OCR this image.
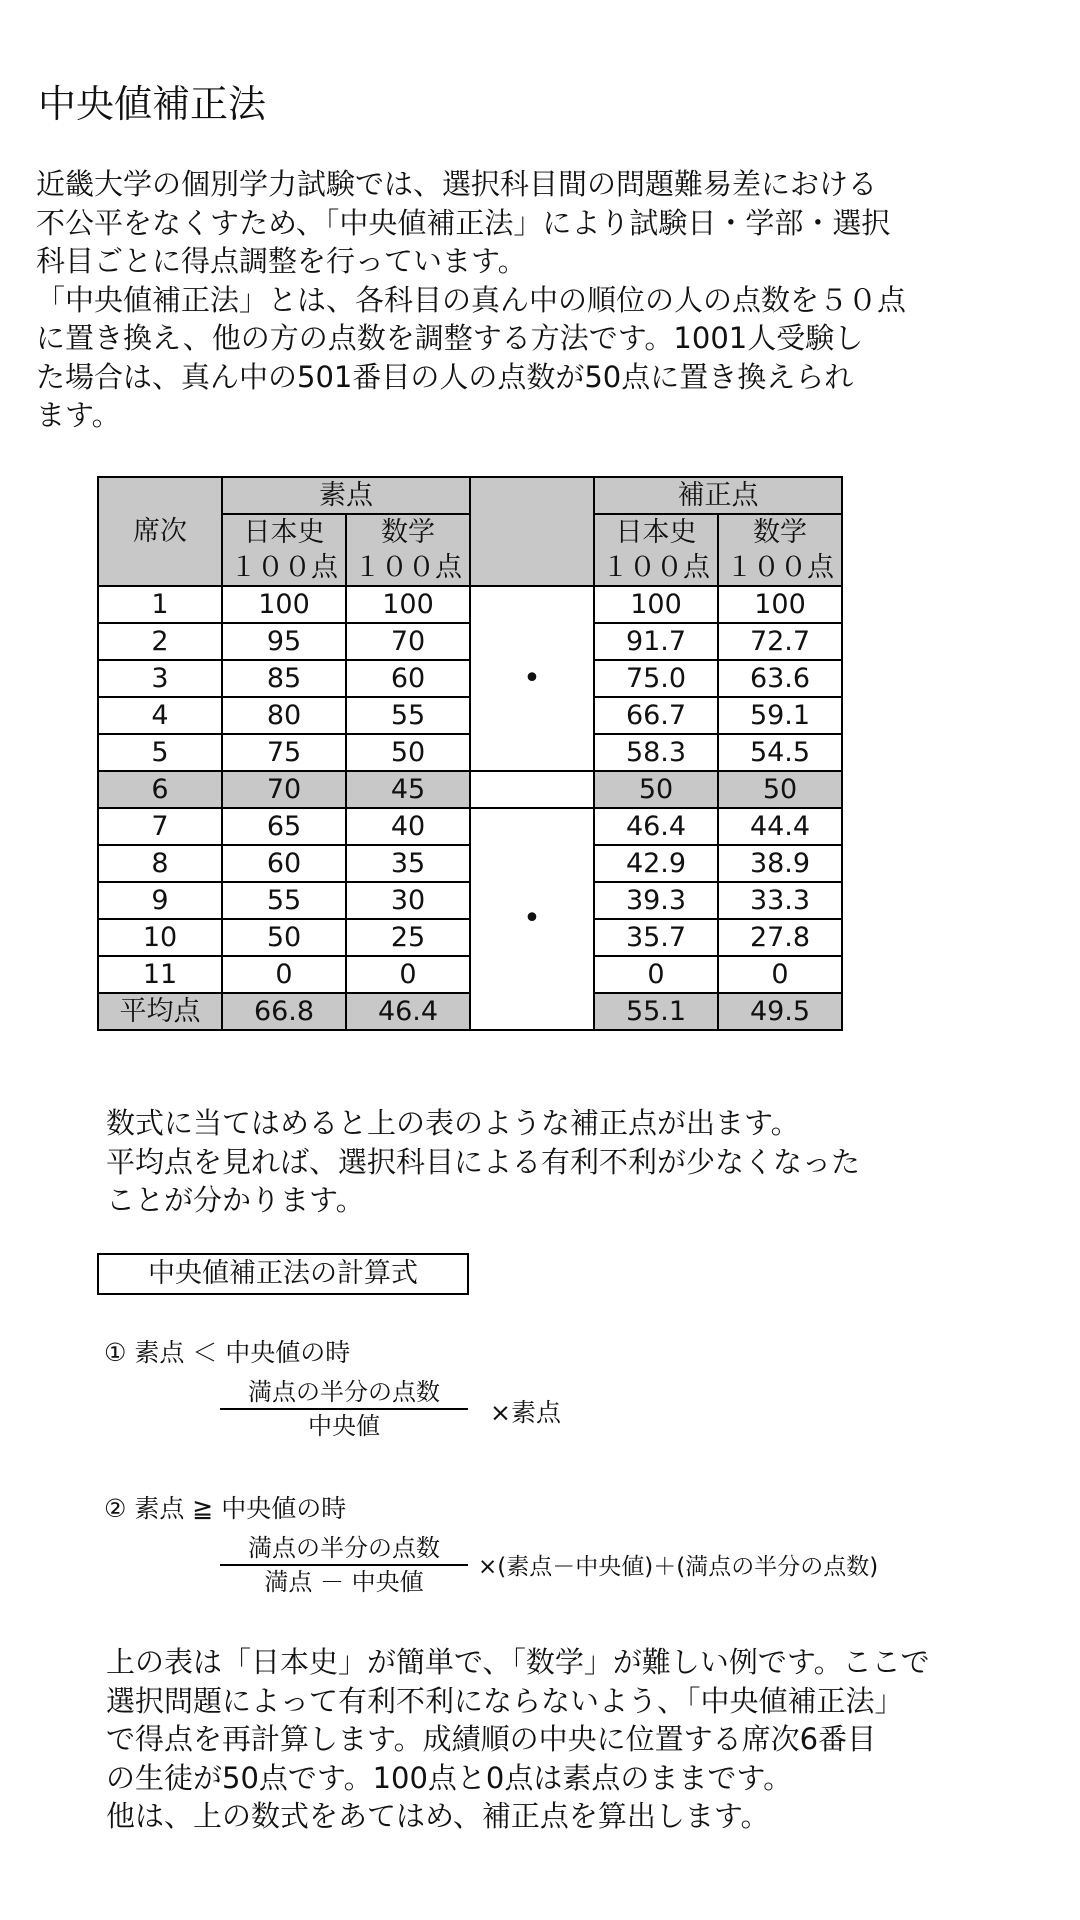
中央値補正法
近畿大学の個別学力試験では、選択科目間の問題難易差における
不公平をなくすため、「中央値補正法」により試験日・学部・選択
科目ごとに得点調整を行っています。
「中央値補正法」とは、各科目の真ん中の順位の人の点数を５０点
に置き換え、他の方の点数を調整する方法です。1001人受験し
た場合は、真ん中の501番目の人の点数が50点に置き換えられ
ます。
席次	素点			補正点	
	日本史	数学		日本史	数学
	１００点	１００点		１００点	１００点
1	100	100	•	100	100
2	95	70		91.7	72.7
3	85	60		75.0	63.6
4	80	55		66.7	59.1
5	75	50		58.3	54.5
6	70	45		50	50
7	65	40	•	46.4	44.4
8	60	35		42.9	38.9
9	55	30		39.3	33.3
10	50	25		35.7	27.8
11	0	0		0	0
平均点	66.8	46.4		55.1	49.5
数式に当てはめると上の表のような補正点が出ます。
平均点を見れば、選択科目による有利不利が少なくなった
ことが分かります。
中央値補正法の計算式
① 素点 ＜ 中央値の時
満点の半分の点数
中央値	×素点
② 素点 ≧ 中央値の時
満点の半分の点数
満点 － 中央値
×(素点－中央値)＋(満点の半分の点数)
上の表は「日本史」が簡単で、「数学」が難しい例です。ここで
選択問題によって有利不利にならないよう、「中央値補正法」
で得点を再計算します。成績順の中央に位置する席次6番目
の生徒が50点です。100点と0点は素点のままです。
他は、上の数式をあてはめ、補正点を算出します。
